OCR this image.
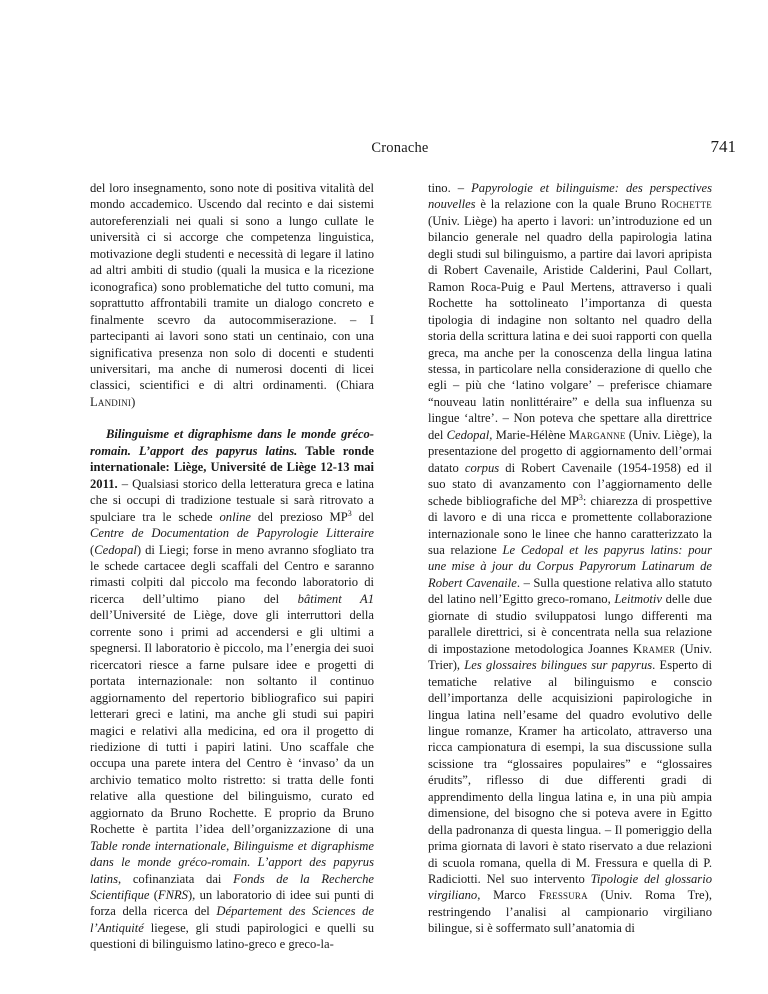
Cronache	741

del loro insegnamento, sono note di positiva vitalità del mondo accademico. Uscendo dal recinto e dai sistemi autoreferenziali nei quali si sono a lungo cullate le università ci si accorge che competenza linguistica, motivazione degli studenti e necessità di legare il latino ad altri ambiti di studio (quali la musica e la ricezione iconografica) sono problematiche del tutto comuni, ma soprattutto affrontabili tramite un dialogo concreto e finalmente scevro da autocommiserazione. – I partecipanti ai lavori sono stati un centinaio, con una significativa presenza non solo di docenti e studenti universitari, ma anche di numerosi docenti di licei classici, scientifici e di altri ordinamenti. (Chiara Landini)

Bilinguisme et digraphisme dans le monde gréco-romain. L’apport des papyrus latins. Table ronde internationale: Liège, Université de Liège 12-13 mai 2011. – Qualsiasi storico della letteratura greca e latina che si occupi di tradizione testuale si sarà ritrovato a spulciare tra le schede online del prezioso $MP^3$ del Centre de Documentation de Papyrologie Litteraire (Cedopal) di Liegi; forse in meno avranno sfogliato tra le schede cartacee degli scaffali del Centro e saranno rimasti colpiti dal piccolo ma fecondo laboratorio di ricerca dell’ultimo piano del bâtiment A1 dell’Université de Liège, dove gli interruttori della corrente sono i primi ad accendersi e gli ultimi a spegnersi. Il laboratorio è piccolo, ma l’energia dei suoi ricercatori riesce a farne pulsare idee e progetti di portata internazionale: non soltanto il continuo aggiornamento del repertorio bibliografico sui papiri letterari greci e latini, ma anche gli studi sui papiri magici e relativi alla medicina, ed ora il progetto di riedizione di tutti i papiri latini. Uno scaffale che occupa una parete intera del Centro è ‘invaso’ da un archivio tematico molto ristretto: si tratta delle fonti relative alla questione del bilinguismo, curato ed aggiornato da Bruno Rochette. E proprio da Bruno Rochette è partita l’idea dell’organizzazione di una Table ronde internationale, Bilinguisme et digraphisme dans le monde gréco-romain. L’apport des papyrus latins, cofinanziata dai Fonds de la Recherche Scientifique (FNRS), un laboratorio di idee sui punti di forza della ricerca del Département des Sciences de l’Antiquité liegese, gli studi papirologici e quelli su questioni di bilinguismo latino-greco e greco-la-

tino. – Papyrologie et bilinguisme: des perspectives nouvelles è la relazione con la quale Bruno Rochette (Univ. Liège) ha aperto i lavori: un’introduzione ed un bilancio generale nel quadro della papirologia latina degli studi sul bilinguismo, a partire dai lavori apripista di Robert Cavenaile, Aristide Calderini, Paul Collart, Ramon Roca-Puig e Paul Mertens, attraverso i quali Rochette ha sottolineato l’importanza di questa tipologia di indagine non soltanto nel quadro della storia della scrittura latina e dei suoi rapporti con quella greca, ma anche per la conoscenza della lingua latina stessa, in particolare nella considerazione di quello che egli – più che ‘latino volgare’ – preferisce chiamare “nouveau latin nonlittéraire” e della sua influenza su lingue ‘altre’. – Non poteva che spettare alla direttrice del Cedopal, Marie-Hélène Marganne (Univ. Liège), la presentazione del progetto di aggiornamento dell’ormai datato corpus di Robert Cavenaile (1954-1958) ed il suo stato di avanzamento con l’aggiornamento delle schede bibliografiche del $MP^3$: chiarezza di prospettive di lavoro e di una ricca e promettente collaborazione internazionale sono le linee che hanno caratterizzato la sua relazione Le Cedopal et les papyrus latins: pour une mise à jour du Corpus Papyrorum Latinarum de Robert Cavenaile. – Sulla questione relativa allo statuto del latino nell’Egitto greco-romano, Leitmotiv delle due giornate di studio sviluppatosi lungo differenti ma parallele direttrici, si è concentrata nella sua relazione di impostazione metodologica Joannes Kramer (Univ. Trier), Les glossaires bilingues sur papyrus. Esperto di tematiche relative al bilinguismo e conscio dell’importanza delle acquisizioni papirologiche in lingua latina nell’esame del quadro evolutivo delle lingue romanze, Kramer ha articolato, attraverso una ricca campionatura di esempi, la sua discussione sulla scissione tra “glossaires populaires” e “glossaires érudits”, riflesso di due differenti gradi di apprendimento della lingua latina e, in una più ampia dimensione, del bisogno che si poteva avere in Egitto della padronanza di questa lingua. – Il pomeriggio della prima giornata di lavori è stato riservato a due relazioni di scuola romana, quella di M. Fressura e quella di P. Radiciotti. Nel suo intervento Tipologie del glossario virgiliano, Marco Fressura (Univ. Roma Tre), restringendo l’analisi al campionario virgiliano bilingue, si è soffermato sull’anatomia di
